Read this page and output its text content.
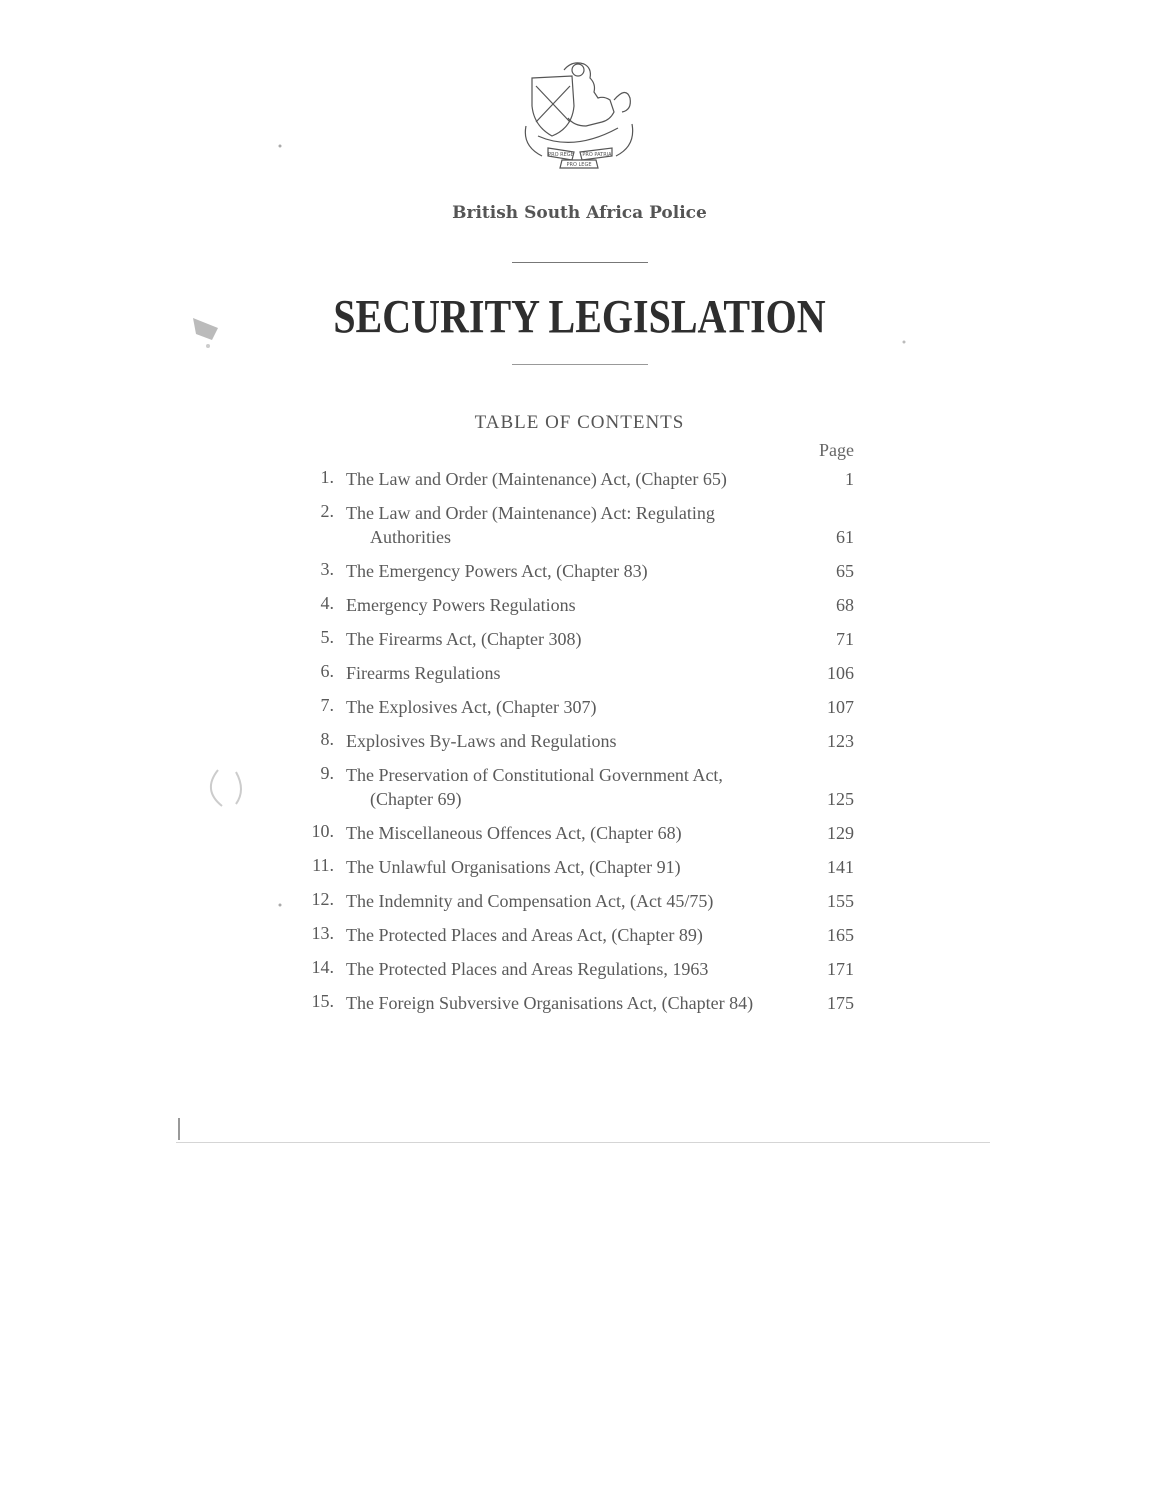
PRO REGE PRO PATRIA
PRO LEGE
British South Africa Police
SECURITY LEGISLATION
TABLE OF CONTENTS
Page
1. The Law and Order (Maintenance) Act, (Chapter 65)	1
2. The Law and Order (Maintenance) Act: Regulating
Authorities	61
3. The Emergency Powers Act, (Chapter 83)	65
4. Emergency Powers Regulations	68
5. The Firearms Act, (Chapter 308)	71
6. Firearms Regulations	106
7. The Explosives Act, (Chapter 307)	107
8. Explosives By-Laws and Regulations	123
9. The Preservation of Constitutional Government Act,
(Chapter 69)	125
10. The Miscellaneous Offences Act, (Chapter 68)	129
11. The Unlawful Organisations Act, (Chapter 91)	141
12. The Indemnity and Compensation Act, (Act 45/75)	155
13. The Protected Places and Areas Act, (Chapter 89)	165
14. The Protected Places and Areas Regulations, 1963	171
15. The Foreign Subversive Organisations Act, (Chapter 84)	175
